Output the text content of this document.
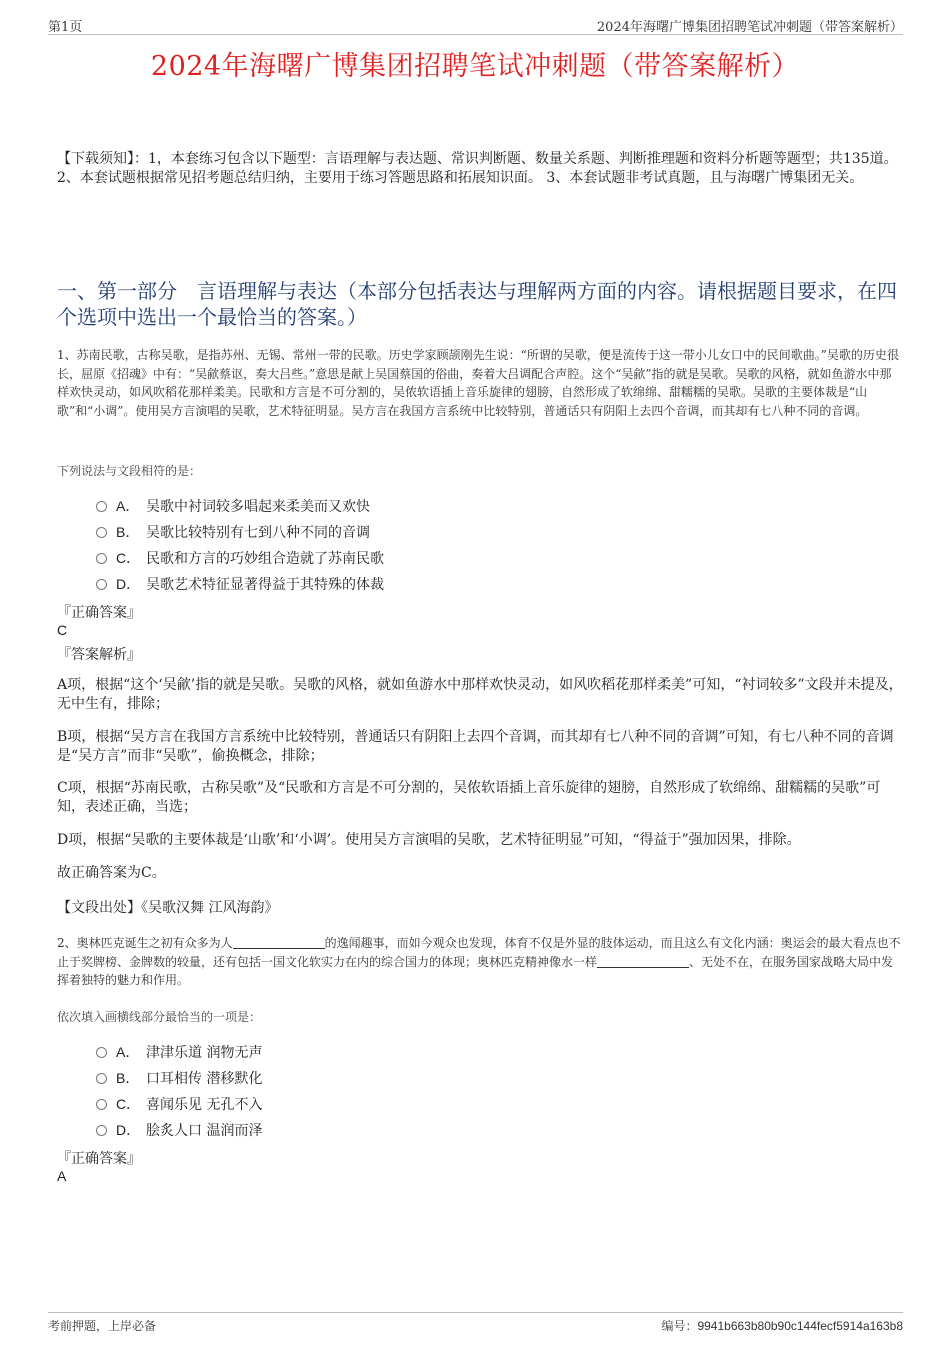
第1页	2024年海曙广博集团招聘笔试冲刺题（带答案解析）
2024年海曙广博集团招聘笔试冲刺题（带答案解析）
【下载须知】：1，本套练习包含以下题型：言语理解与表达题、常识判断题、数量关系题、判断推理题和资料分析题等题型；共135道。 2、本套试题根据常见招考题总结归纳，主要用于练习答题思路和拓展知识面。 3、本套试题非考试真题，且与海曙广博集团无关。
一、第一部分　言语理解与表达（本部分包括表达与理解两方面的内容。请根据题目要求，在四个选项中选出一个最恰当的答案。）
1、苏南民歌，古称吴歌，是指苏州、无锡、常州一带的民歌。历史学家顾颉刚先生说：“所谓的吴歌，便是流传于这一带小儿女口中的民间歌曲。”吴歌的历史很长，屈原《招魂》中有：“吴歈蔡讴，奏大吕些。”意思是献上吴国蔡国的俗曲，奏着大吕调配合声腔。这个“吴歈”指的就是吴歌。吴歌的风格，就如鱼游水中那样欢快灵动，如风吹稻花那样柔美。民歌和方言是不可分割的，吴侬软语插上音乐旋律的翅膀，自然形成了软绵绵、甜糯糯的吴歌。吴歌的主要体裁是“山歌”和“小调”。使用吴方言演唱的吴歌，艺术特征明显。吴方言在我国方言系统中比较特别，普通话只有阴阳上去四个音调，而其却有七八种不同的音调。
下列说法与文段相符的是：
A． 吴歌中衬词较多唱起来柔美而又欢快
B． 吴歌比较特别有七到八种不同的音调
C． 民歌和方言的巧妙组合造就了苏南民歌
D． 吴歌艺术特征显著得益于其特殊的体裁
『正确答案』
C
『答案解析』
A项，根据“这个‘吴歈’指的就是吴歌。吴歌的风格，就如鱼游水中那样欢快灵动，如风吹稻花那样柔美”可知，“衬词较多”文段并未提及，无中生有，排除；
B项，根据“吴方言在我国方言系统中比较特别，普通话只有阴阳上去四个音调，而其却有七八种不同的音调”可知，有七八种不同的音调是“吴方言”而非“吴歌”，偷换概念，排除；
C项，根据“苏南民歌，古称吴歌”及“民歌和方言是不可分割的，吴侬软语插上音乐旋律的翅膀，自然形成了软绵绵、甜糯糯的吴歌”可知，表述正确，当选；
D项，根据“吴歌的主要体裁是‘山歌’和‘小调’。使用吴方言演唱的吴歌，艺术特征明显”可知，“得益于”强加因果，排除。
故正确答案为C。
【文段出处】《吴歌汉舞 江风海韵》
2、奥林匹克诞生之初有众多为人	的逸闻趣事，而如今观众也发现，体育不仅是外显的肢体运动，而且这么有文化内涵：奥运会的最大看点也不止于奖牌榜、金牌数的较量，还有包括一国文化软实力在内的综合国力的体现；奥林匹克精神像水一样	、无处不在，在服务国家战略大局中发挥着独特的魅力和作用。
依次填入画横线部分最恰当的一项是：
A． 津津乐道 润物无声
B． 口耳相传 潜移默化
C． 喜闻乐见 无孔不入
D． 脍炙人口 温润而泽
『正确答案』
A
考前押题，上岸必备	编号：9941b663b80b90c144fecf5914a163b8
